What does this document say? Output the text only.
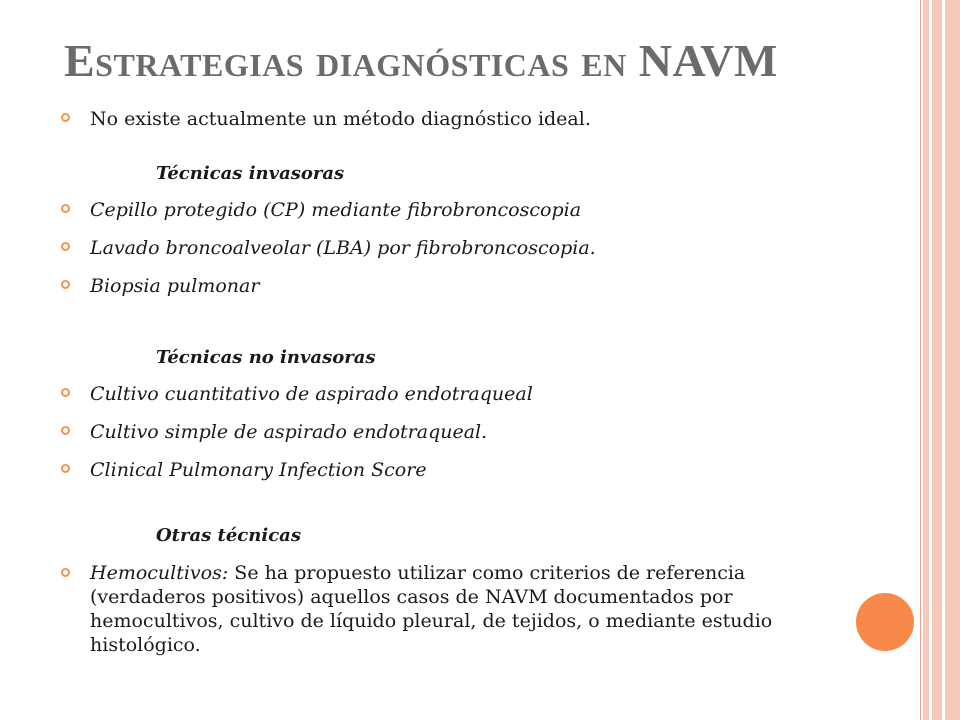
Estrategias diagnósticas en NAVM
No existe actualmente un método diagnóstico ideal.
Técnicas invasoras
Cepillo protegido (CP) mediante fibrobroncoscopia
Lavado broncoalveolar (LBA) por fibrobroncoscopia.
Biopsia pulmonar
Técnicas no invasoras
Cultivo cuantitativo de aspirado endotraqueal
Cultivo simple de aspirado endotraqueal.
Clinical Pulmonary Infection Score
Otras técnicas
Hemocultivos: Se ha propuesto utilizar como criterios de referencia (verdaderos positivos) aquellos casos de NAVM documentados por hemocultivos, cultivo de líquido pleural, de tejidos, o mediante estudio histológico.
